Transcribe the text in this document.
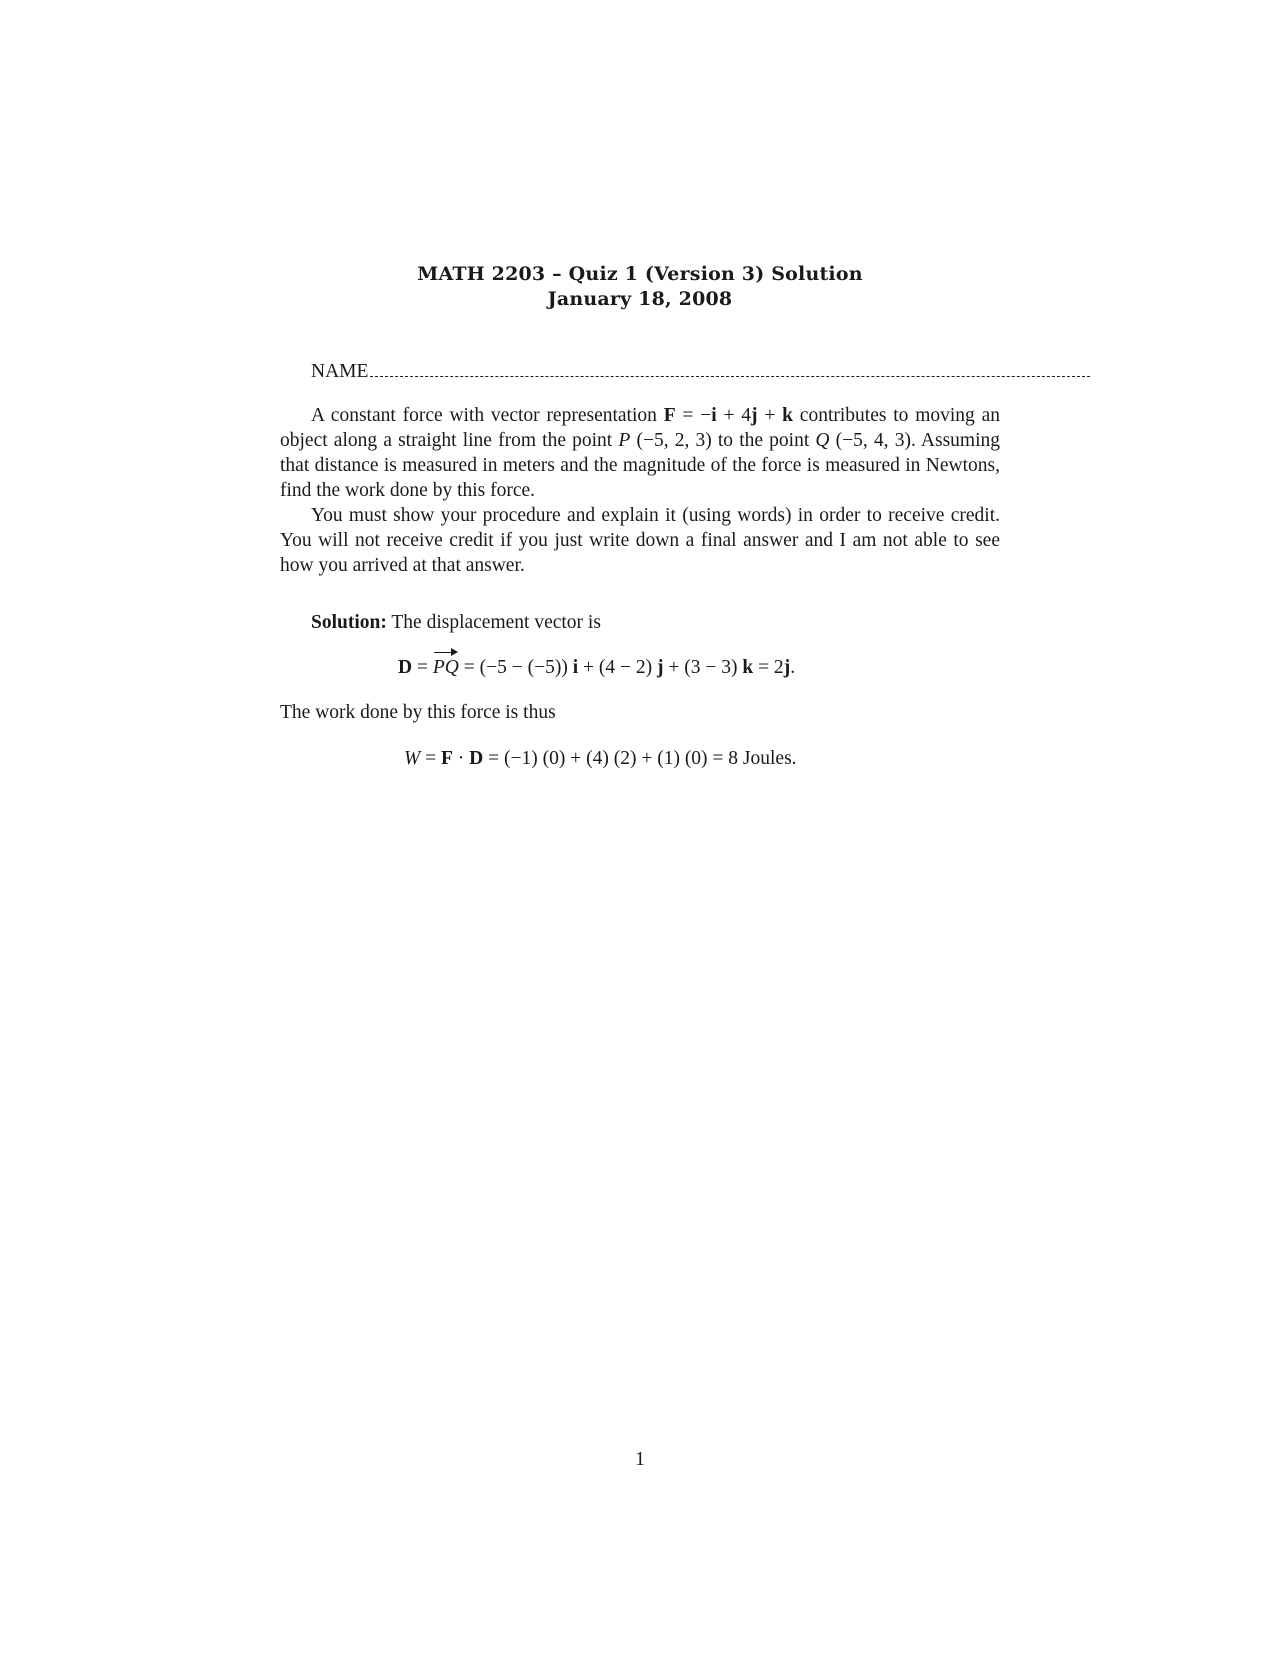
MATH 2203 – Quiz 1 (Version 3) Solution
January 18, 2008
NAME

A constant force with vector representation F = −i + 4j + k contributes to moving an object along a straight line from the point P (−5, 2, 3) to the point Q (−5, 4, 3). Assuming that distance is measured in meters and the magnitude of the force is measured in Newtons, find the work done by this force.

You must show your procedure and explain it (using words) in order to receive credit. You will not receive credit if you just write down a final answer and I am not able to see how you arrived at that answer.

Solution: The displacement vector is
D = PQ = (−5 − (−5)) i + (4 − 2) j + (3 − 3) k = 2j.
The work done by this force is thus
W = F · D = (−1) (0) + (4) (2) + (1) (0) = 8 Joules.
1
